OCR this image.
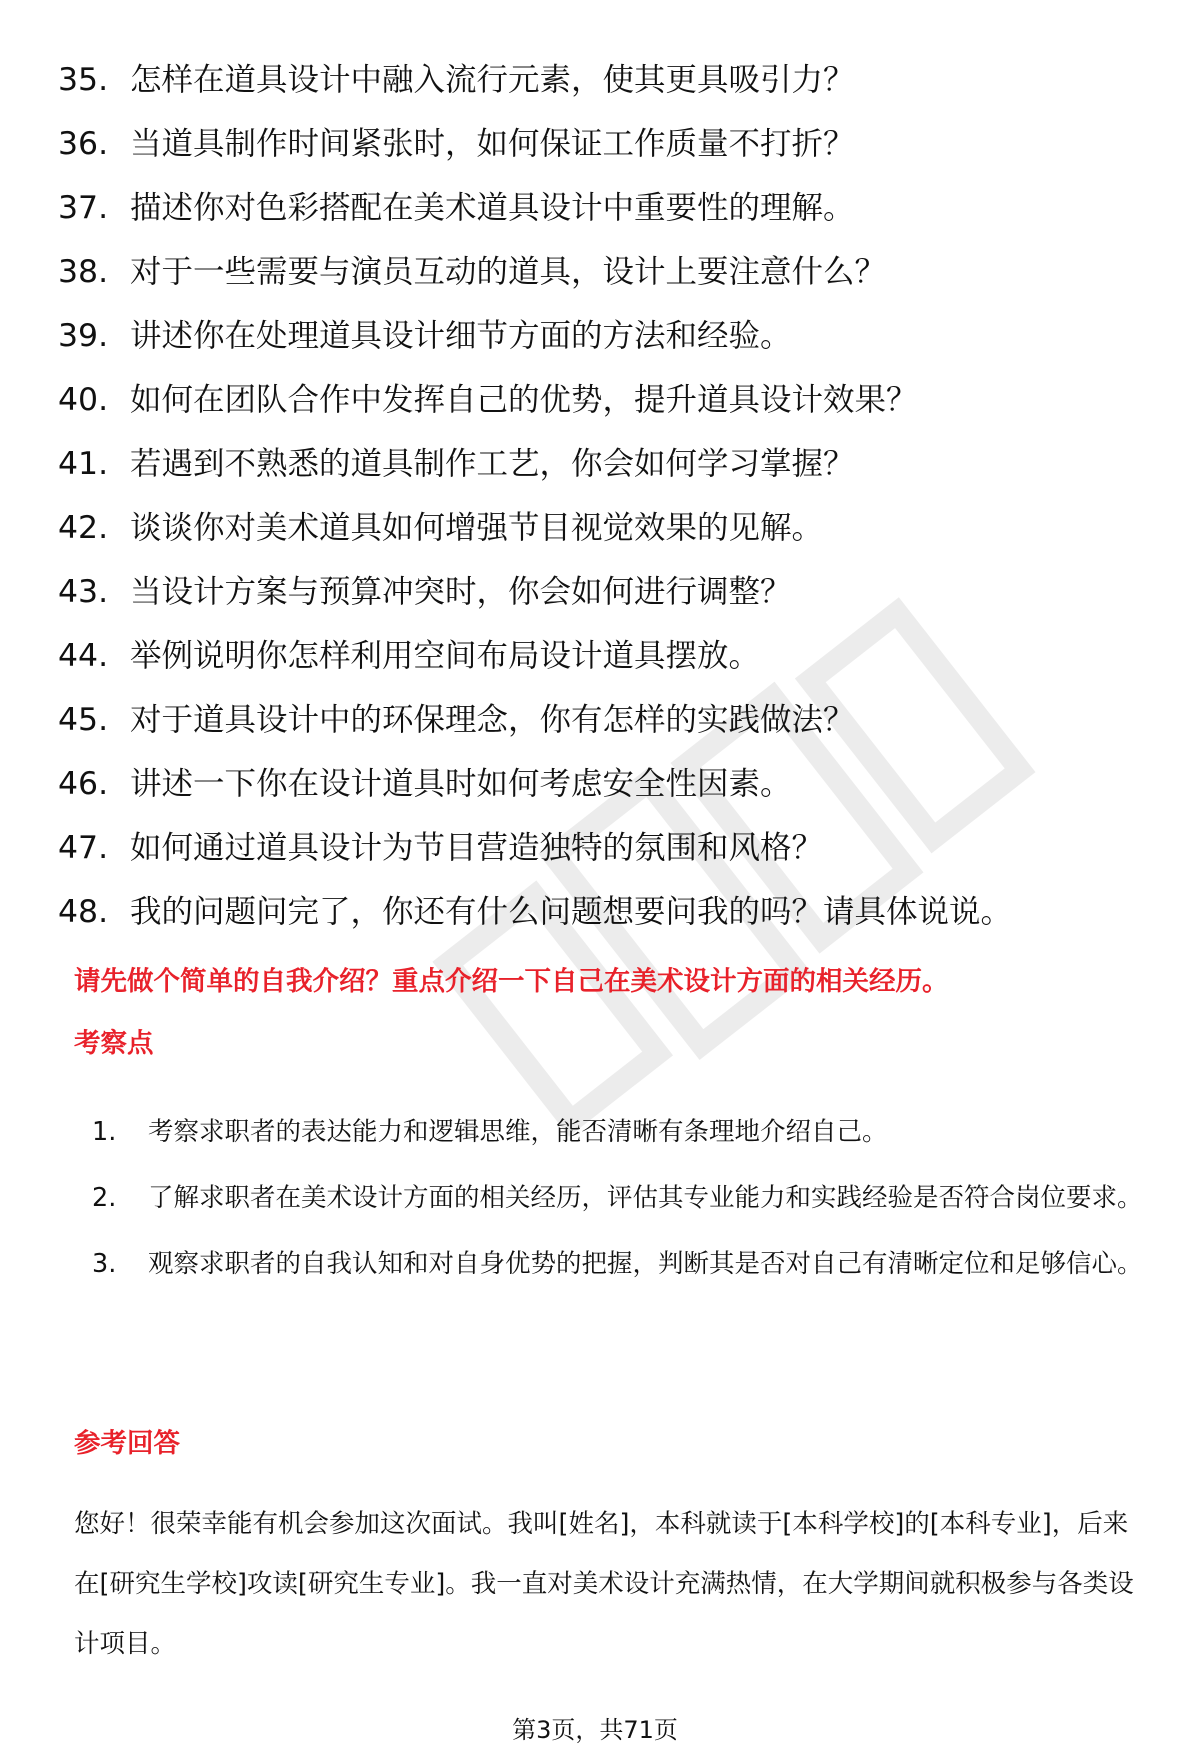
35. 怎样在道具设计中融入流行元素，使其更具吸引力？
36. 当道具制作时间紧张时，如何保证工作质量不打折？
37. 描述你对色彩搭配在美术道具设计中重要性的理解。
38. 对于一些需要与演员互动的道具，设计上要注意什么？
39. 讲述你在处理道具设计细节方面的方法和经验。
40. 如何在团队合作中发挥自己的优势，提升道具设计效果？
41. 若遇到不熟悉的道具制作工艺，你会如何学习掌握？
42. 谈谈你对美术道具如何增强节目视觉效果的见解。
43. 当设计方案与预算冲突时，你会如何进行调整？
44. 举例说明你怎样利用空间布局设计道具摆放。
45. 对于道具设计中的环保理念，你有怎样的实践做法？
46. 讲述一下你在设计道具时如何考虑安全性因素。
47. 如何通过道具设计为节目营造独特的氛围和风格？
48. 我的问题问完了，你还有什么问题想要问我的吗？请具体说说。
请先做个简单的自我介绍？重点介绍一下自己在美术设计方面的相关经历。
考察点
1.	考察求职者的表达能力和逻辑思维，能否清晰有条理地介绍自己。
2.	了解求职者在美术设计方面的相关经历，评估其专业能力和实践经验是否符合岗位要求。
3.	观察求职者的自我认知和对自身优势的把握，判断其是否对自己有清晰定位和足够信心。
参考回答

您好！很荣幸能有机会参加这次面试。我叫[姓名]，本科就读于[本科学校]的[本科专业]，后来在[研究生学校]攻读[研究生专业]。我一直对美术设计充满热情，在大学期间就积极参与各类设计项目。

第3页，共71页
